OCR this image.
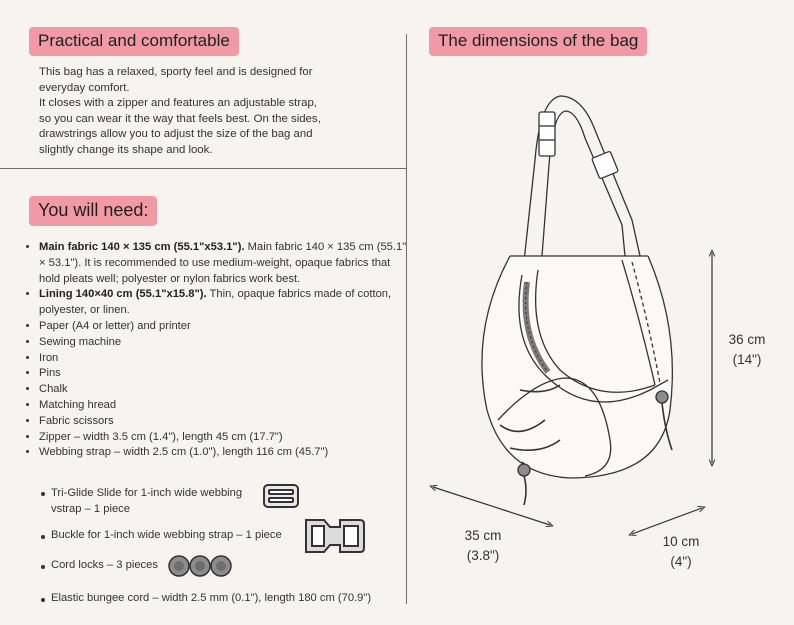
Practical and comfortable
This bag has a relaxed, sporty feel and is designed for
everyday comfort.
It closes with a zipper and features an adjustable strap,
so you can wear it the way that feels best. On the sides,
drawstrings allow you to adjust the size of the bag and
slightly change its shape and look.
You will need:
• Main fabric 140 × 135 cm (55.1"x53.1"). Main fabric 140 × 135 cm (55.1" × 53.1"). It is recommended to use medium-weight, opaque fabrics that hold pleats well; polyester or nylon fabrics work best.
• Lining 140×40 cm (55.1"x15.8"). Thin, opaque fabrics made of cotton, polyester, or linen.
• Paper (A4 or letter) and printer
• Sewing machine
• Iron
• Pins
• Chalk
• Matching hread
• Fabric scissors
• Zipper – width 3.5 cm (1.4"), length 45 cm (17.7")
• Webbing strap – width 2.5 cm (1.0"), length 116 cm (45.7")
Tri-Glide Slide for 1-inch wide webbing
vstrap – 1 piece
Buckle for 1-inch wide webbing strap – 1 piece
Cord locks – 3 pieces
Elastic bungee cord – width 2.5 mm (0.1"), length 180 cm (70.9")
The dimensions of the bag
36 cm
(14")
35 cm
(3.8")
10 cm
(4")
